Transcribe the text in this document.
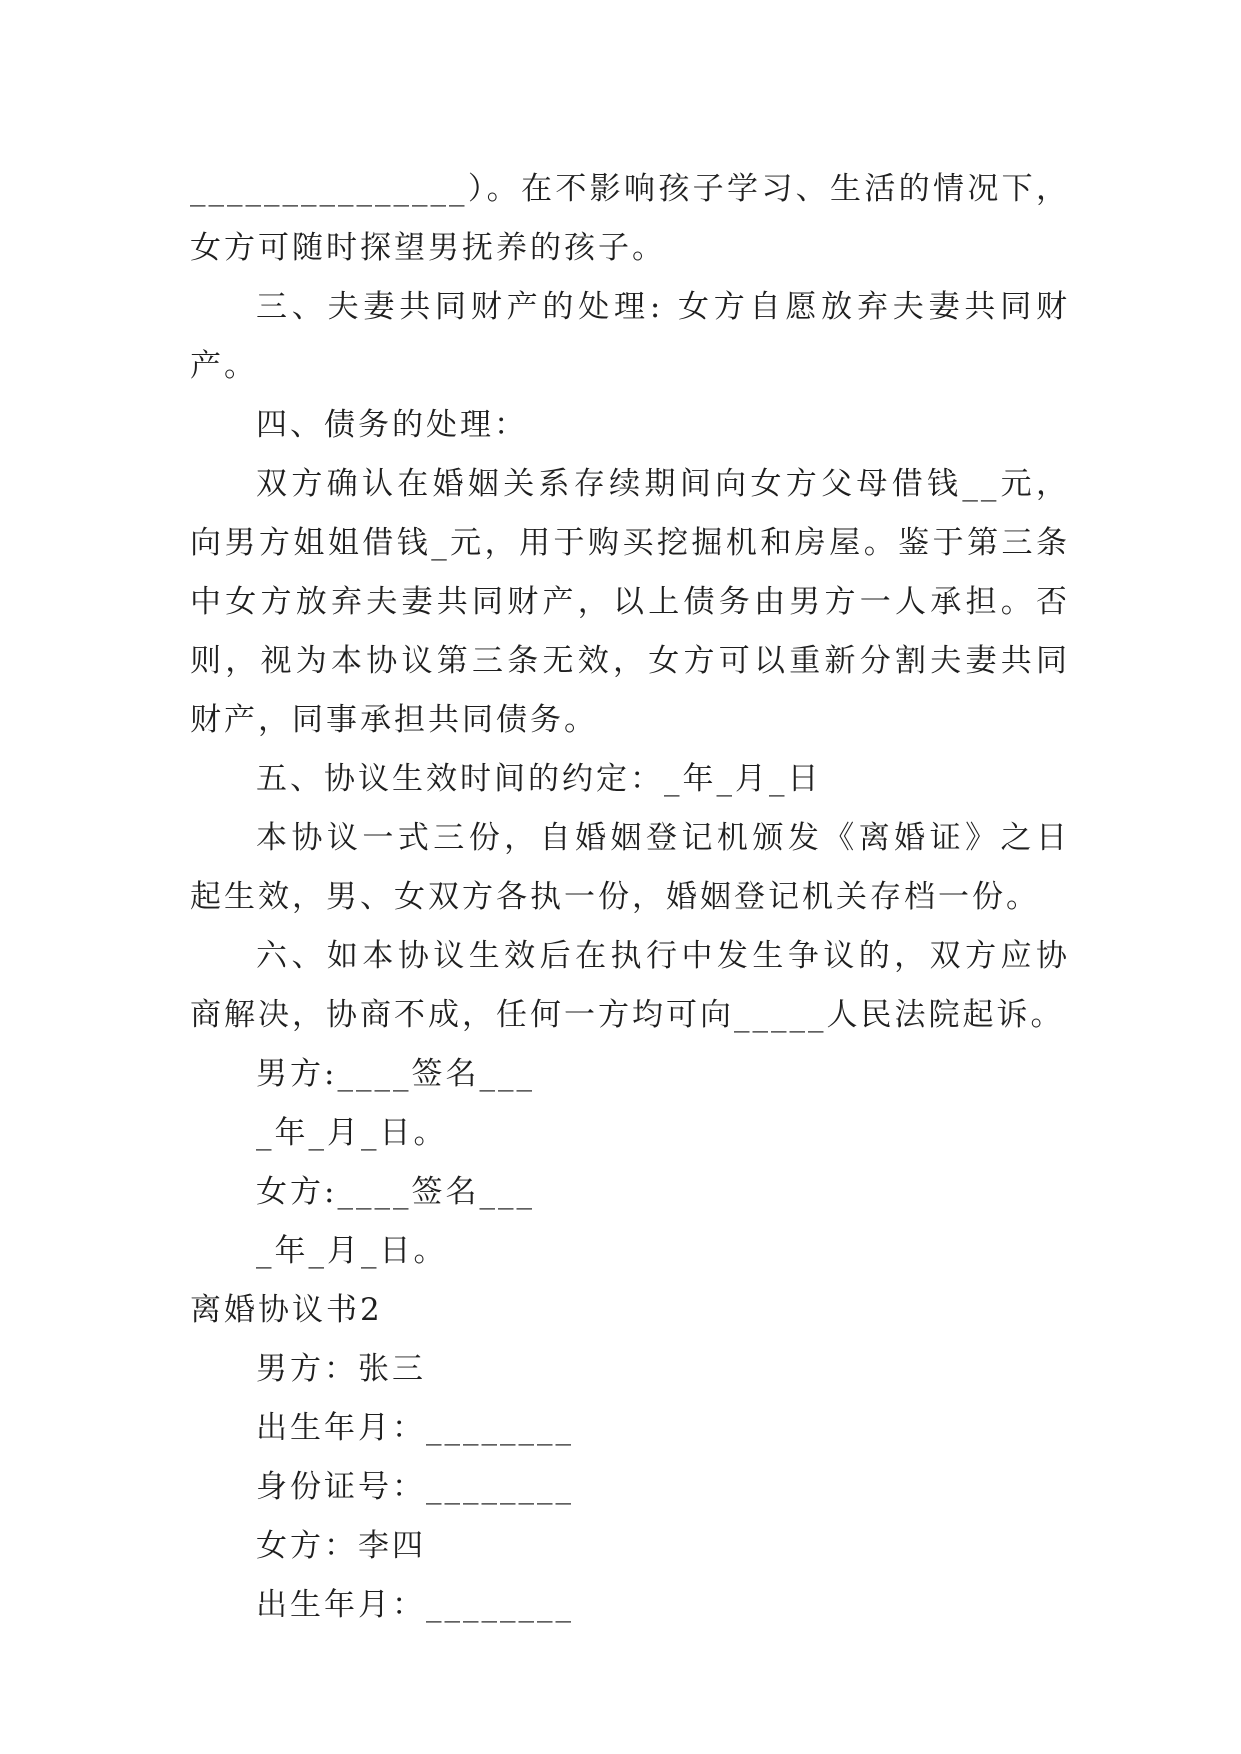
_______________）。在不影响孩子学习、生活的情况下，女方可随时探望男抚养的孩子。

三、夫妻共同财产的处理: 女方自愿放弃夫妻共同财产。

四、债务的处理：

双方确认在婚姻关系存续期间向女方父母借钱__元，向男方姐姐借钱_元，用于购买挖掘机和房屋。鉴于第三条中女方放弃夫妻共同财产，以上债务由男方一人承担。否则，视为本协议第三条无效，女方可以重新分割夫妻共同财产，同事承担共同债务。

五、协议生效时间的约定：_年_月_日

本协议一式三份，自婚姻登记机颁发《离婚证》之日起生效，男、女双方各执一份，婚姻登记机关存档一份。

六、如本协议生效后在执行中发生争议的，双方应协商解决，协商不成，任何一方均可向_____人民法院起诉。

男方:____签名___

_年_月_日。

女方:____签名___

_年_月_日。

离婚协议书2

男方：张三

出生年月：________

身份证号：________

女方：李四

出生年月：________
